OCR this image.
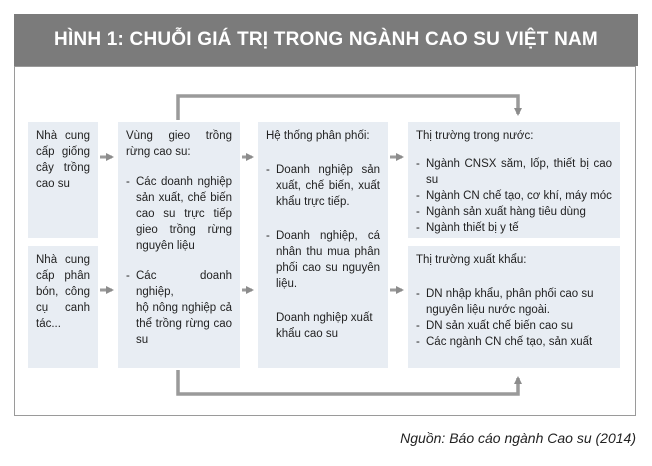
HÌNH 1: CHUỖI GIÁ TRỊ TRONG NGÀNH CAO SU VIỆT NAM
Nhà cung
cấp giống
cây trồng
cao su
Nhà cung
cấp phân
bón, công
cụ canh
tác...
Vùng gieo trồng
rừng cao su:
- Các doanh nghiệp
sản xuất, chế biến
cao su trực tiếp
gieo trồng rừng
nguyên liệu
- Các doanh nghiệp,
hộ nông nghiệp cả
thể trồng rừng cao
su
Hệ thống phân phối:
- Doanh nghiệp sản
xuất, chế biến, xuất
khẩu trực tiếp.
- Doanh nghiệp, cá
nhân thu mua phân
phối cao su nguyên
liệu.
Doanh nghiệp xuất
khẩu cao su
Thị trường trong nước:
- Ngành CNSX săm, lốp, thiết bị cao su
- Ngành CN chế tạo, cơ khí, máy móc
- Ngành sản xuất hàng tiêu dùng
- Ngành thiết bị y tế
Thị trường xuất khẩu:
- DN nhập khẩu, phân phối cao su
nguyên liệu nước ngoài.
- DN sản xuất chế biến cao su
- Các ngành CN chế tạo, sản xuất
Nguồn: Báo cáo ngành Cao su (2014)
